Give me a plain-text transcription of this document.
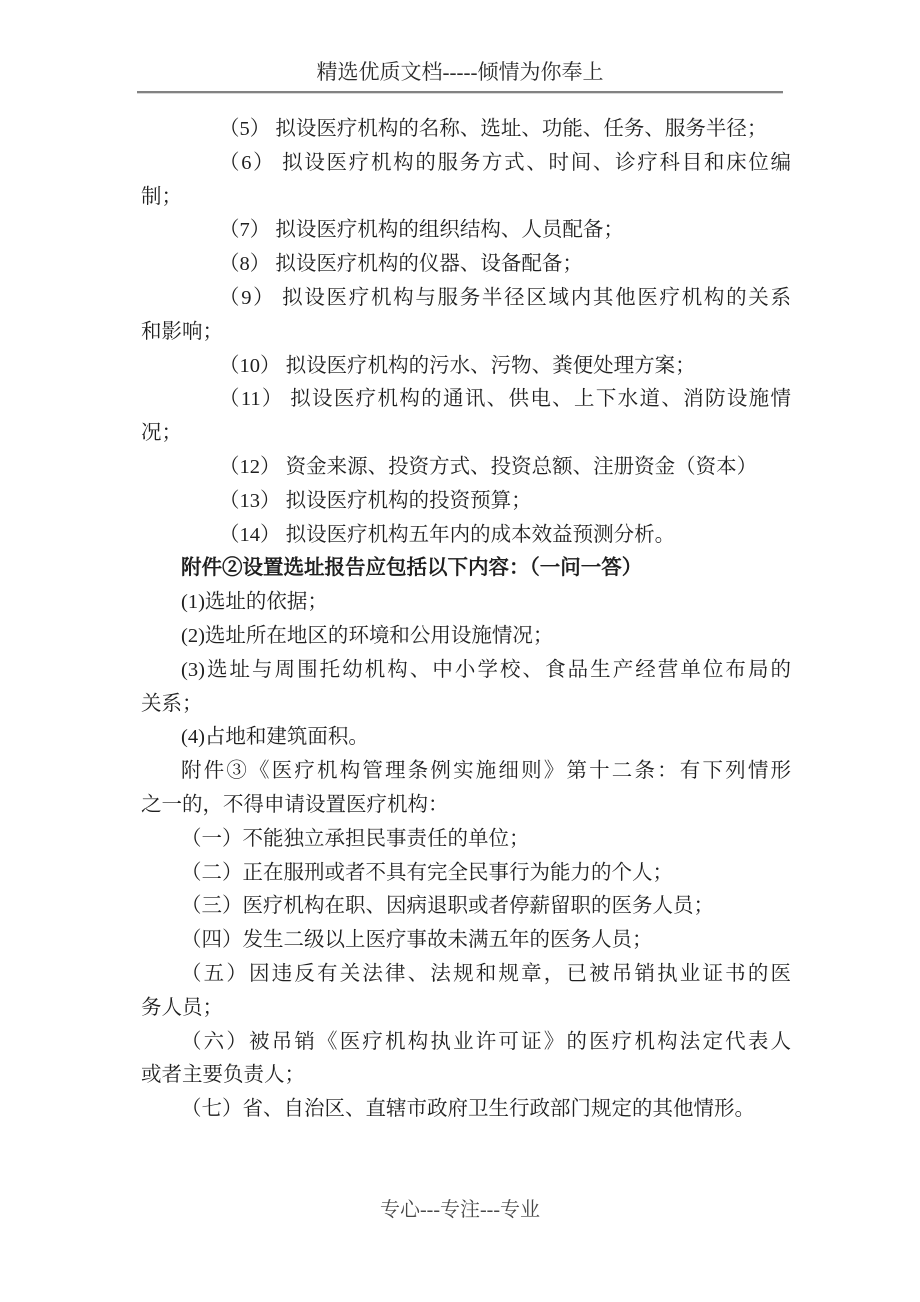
精选优质文档-----倾情为你奉上
（5） 拟设医疗机构的名称、选址、功能、任务、服务半径；
（6） 拟设医疗机构的服务方式、时间、诊疗科目和床位编
制；
（7） 拟设医疗机构的组织结构、人员配备；
（8） 拟设医疗机构的仪器、设备配备；
（9） 拟设医疗机构与服务半径区域内其他医疗机构的关系
和影响；
（10） 拟设医疗机构的污水、污物、粪便处理方案；
（11） 拟设医疗机构的通讯、供电、上下水道、消防设施情
况；
（12） 资金来源、投资方式、投资总额、注册资金（资本）
（13） 拟设医疗机构的投资预算；
（14） 拟设医疗机构五年内的成本效益预测分析。
附件②设置选址报告应包括以下内容：（一问一答）
(1)选址的依据；
(2)选址所在地区的环境和公用设施情况；
(3)选址与周围托幼机构、中小学校、食品生产经营单位布局的
关系；
(4)占地和建筑面积。
附件③《医疗机构管理条例实施细则》第十二条：有下列情形
之一的，不得申请设置医疗机构：
（一）不能独立承担民事责任的单位；
（二）正在服刑或者不具有完全民事行为能力的个人；
（三）医疗机构在职、因病退职或者停薪留职的医务人员；
（四）发生二级以上医疗事故未满五年的医务人员；
（五）因违反有关法律、法规和规章，已被吊销执业证书的医
务人员；
（六）被吊销《医疗机构执业许可证》的医疗机构法定代表人
或者主要负责人；
（七）省、自治区、直辖市政府卫生行政部门规定的其他情形。
专心---专注---专业
